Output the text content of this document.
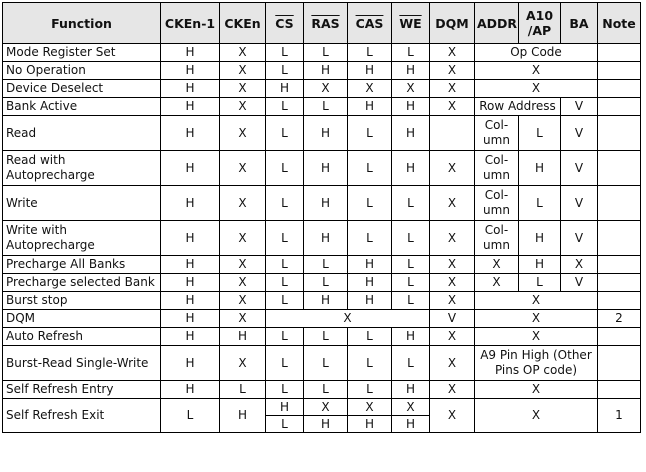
Function	CKEn-1	CKEn	$\overline{CS}$	$\overline{RAS}$	$\overline{CAS}$	$\overline{WE}$	DQM	ADDR	A10 /AP	BA	Note
Mode Register Set	H	X	L	L	L	L	X	Op Code			
No Operation	H	X	L	H	H	H	X	X			
Device Deselect	H	X	H	X	X	X	X	X			
Bank Active	H	X	L	L	H	H	X	Row Address		V	
Read	H	X	L	H	L	H		Col- umn	L	V	
Read with Autoprecharge	H	X	L	H	L	H	X	Col- umn	H	V	
Write	H	X	L	H	L	L	X	Col- umn	L	V	
Write with Autoprecharge	H	X	L	H	L	L	X	Col- umn	H	V	
Precharge All Banks	H	X	L	L	H	L	X	X	H	X	
Precharge selected Bank	H	X	L	L	H	L	X	X	L	V	
Burst stop	H	X	L	H	H	L	X	X			
DQM	H	X	X				V	X			2
Auto Refresh	H	H	L	L	L	H	X	X			
Burst-Read Single-Write	H	X	L	L	L	L	X	A9 Pin High (Other Pins OP code)			
Self Refresh Entry	H	L	L	L	L	H	X	X			
Self Refresh Exit	L	H	H	X	X	X	X	X			1
			L	H	H	H					
